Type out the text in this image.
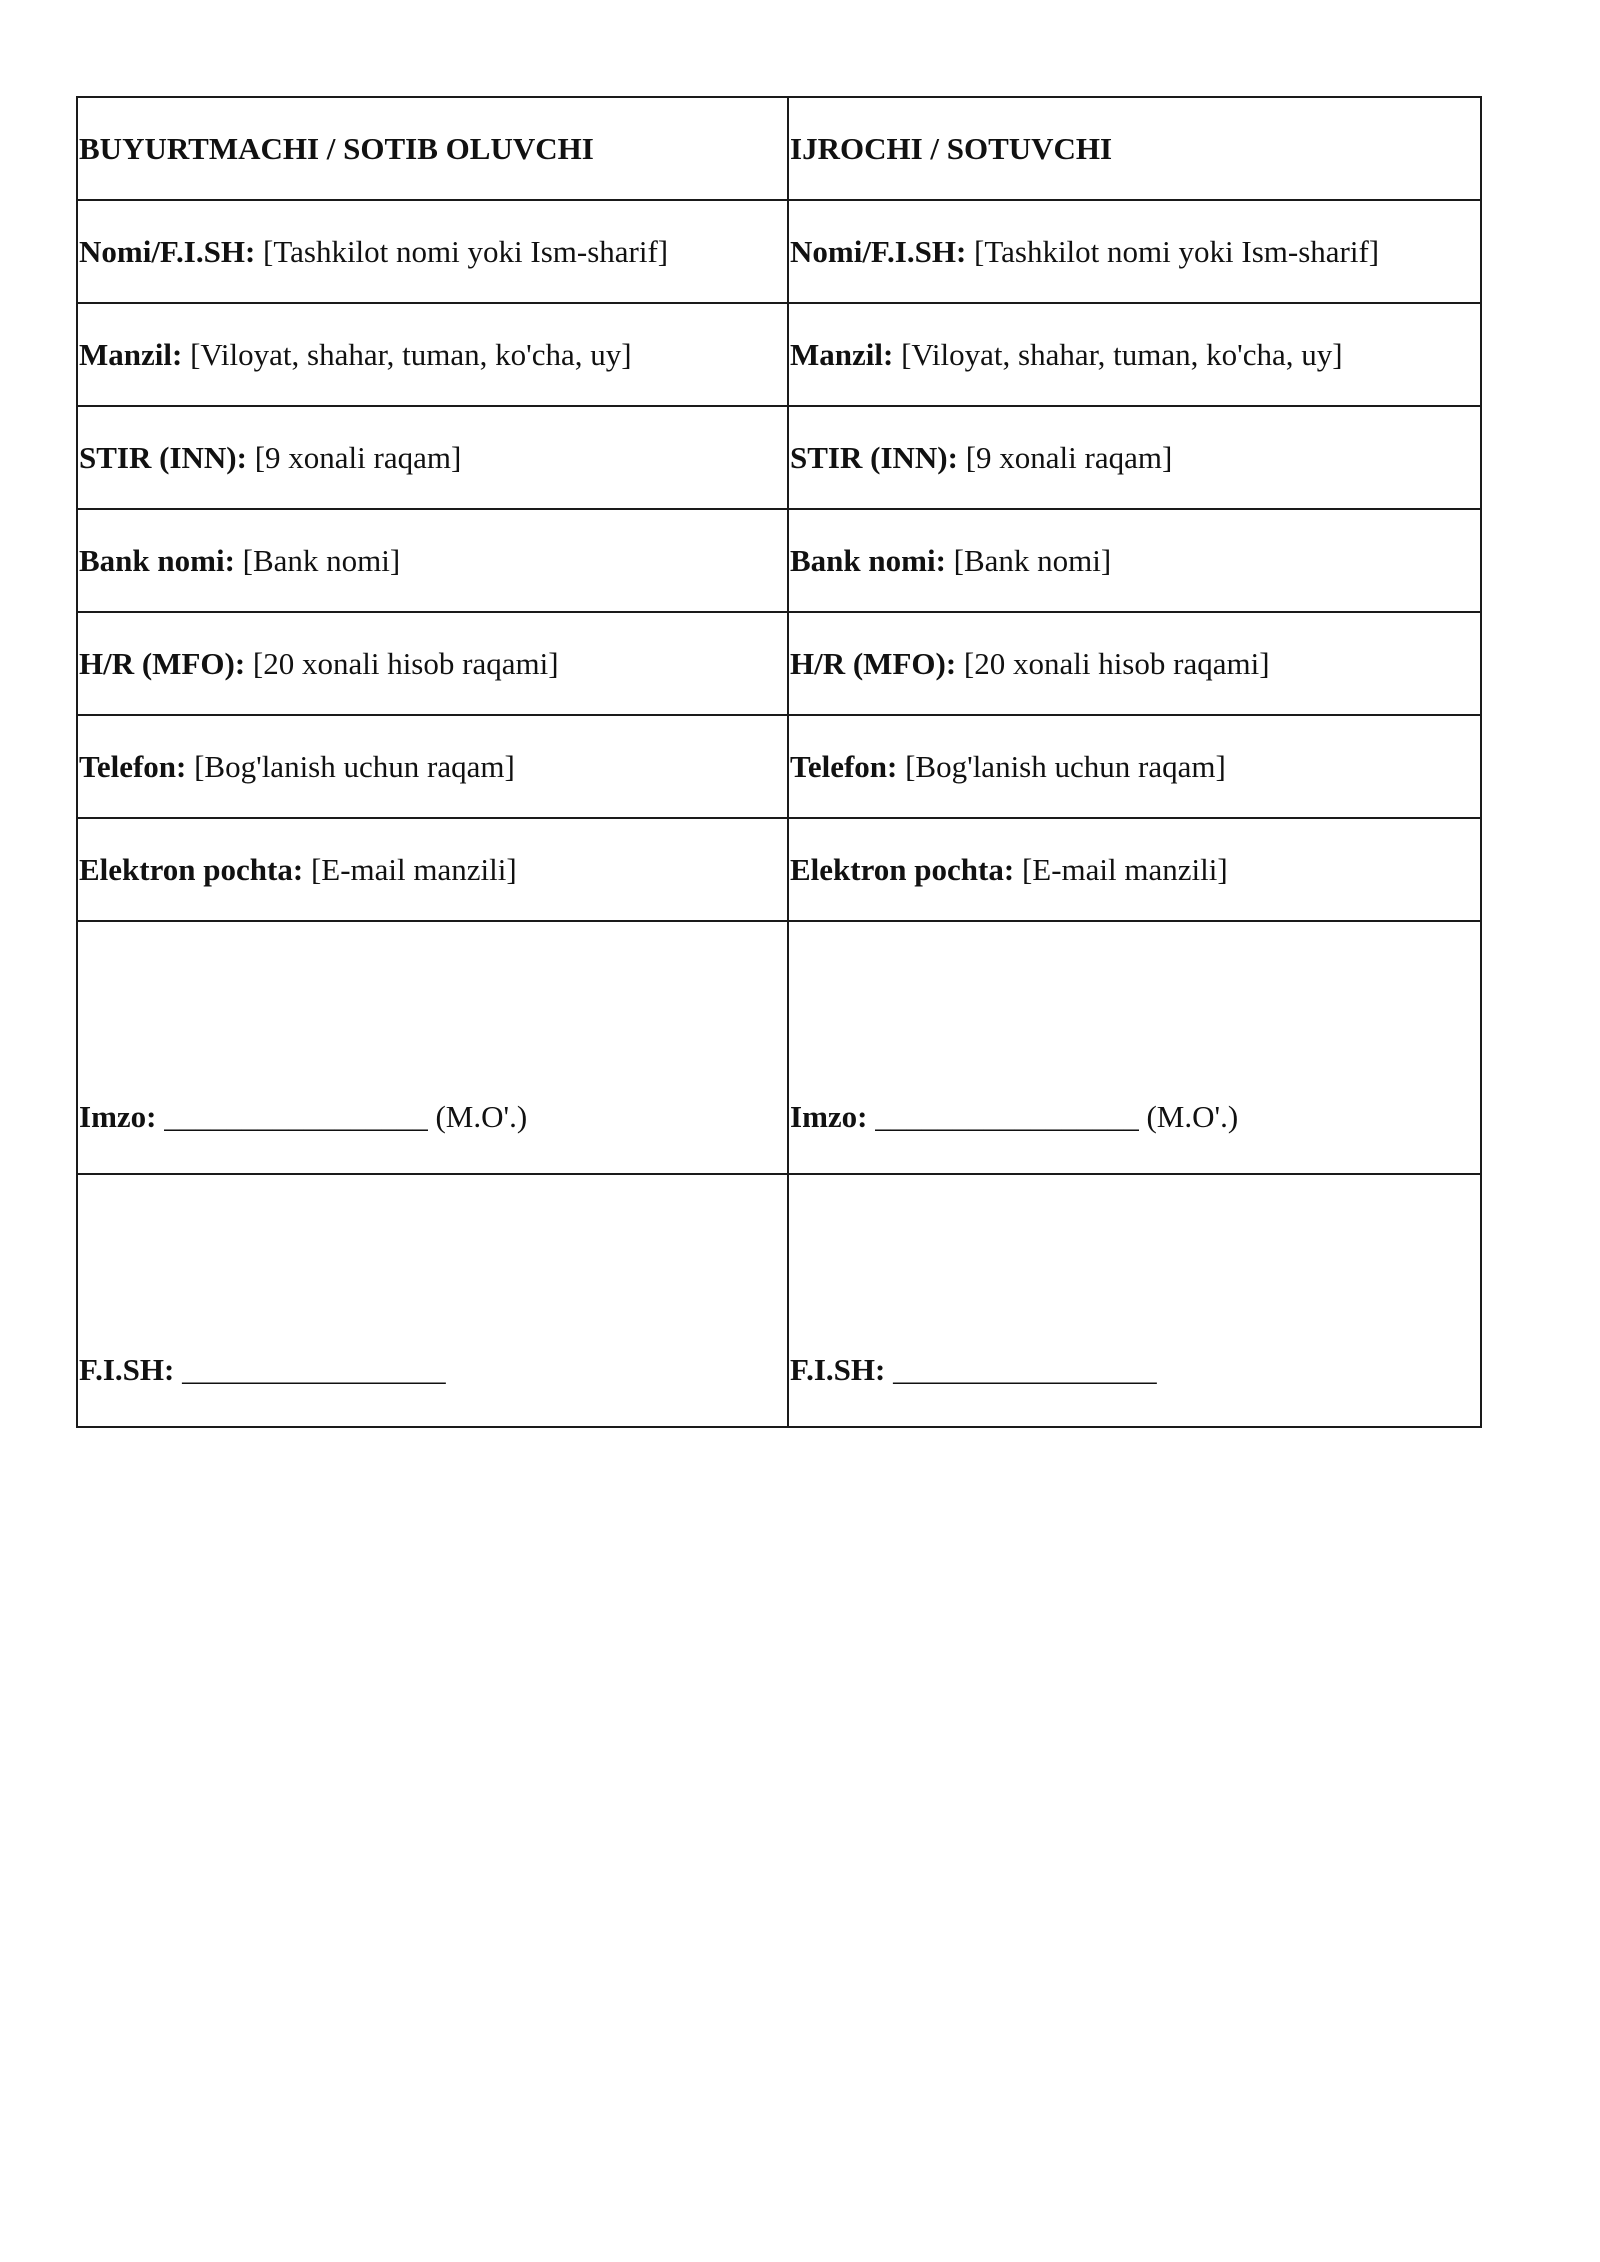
BUYURTMACHI / SOTIB OLUVCHI	IJROCHI / SOTUVCHI
Nomi/F.I.SH: [Tashkilot nomi yoki Ism-sharif]	Nomi/F.I.SH: [Tashkilot nomi yoki Ism-sharif]
Manzil: [Viloyat, shahar, tuman, ko'cha, uy]	Manzil: [Viloyat, shahar, tuman, ko'cha, uy]
STIR (INN): [9 xonali raqam]	STIR (INN): [9 xonali raqam]
Bank nomi: [Bank nomi]	Bank nomi: [Bank nomi]
H/R (MFO): [20 xonali hisob raqami]	H/R (MFO): [20 xonali hisob raqami]
Telefon: [Bog'lanish uchun raqam]	Telefon: [Bog'lanish uchun raqam]
Elektron pochta: [E-mail manzili]	Elektron pochta: [E-mail manzili]
Imzo: _________________ (M.O'.)	Imzo: _________________ (M.O'.)
F.I.SH: _________________	F.I.SH: _________________
